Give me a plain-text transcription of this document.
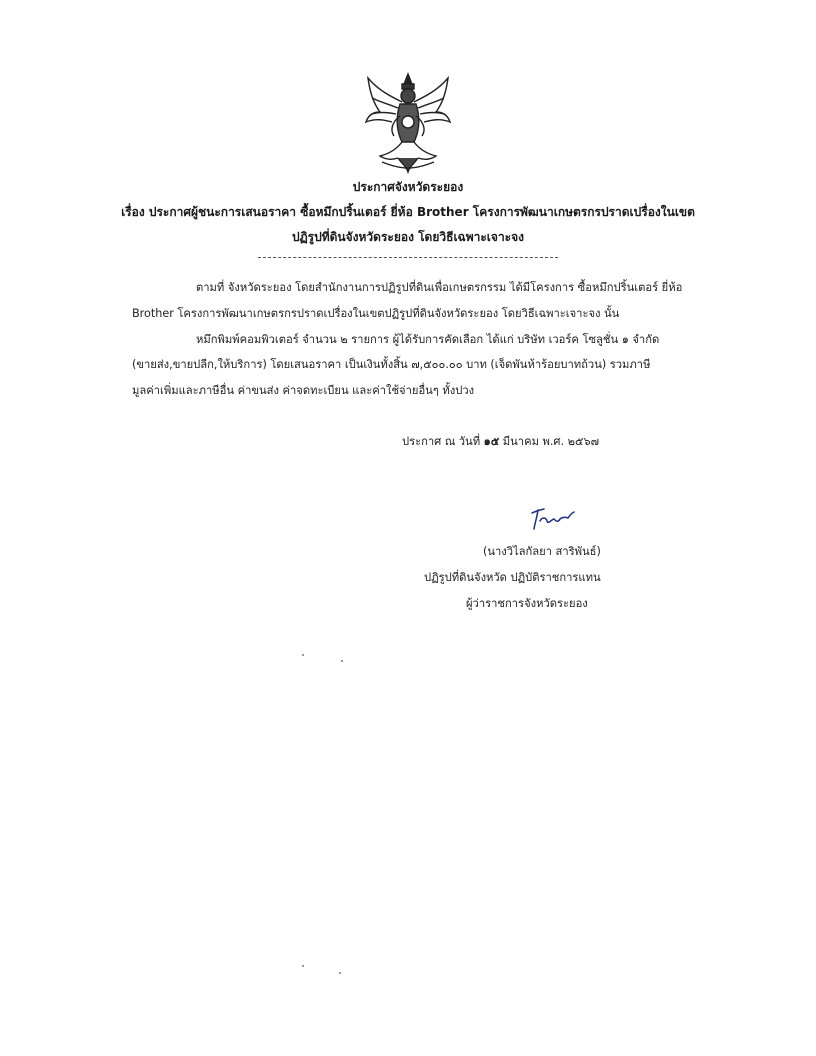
ประกาศจังหวัดระยอง
เรื่อง ประกาศผู้ชนะการเสนอราคา ซื้อหมึกปริ้นเตอร์ ยี่ห้อ Brother โครงการพัฒนาเกษตรกรปราดเปรื่องในเขต
ปฏิรูปที่ดินจังหวัดระยอง โดยวิธีเฉพาะเจาะจง
ตามที่ จังหวัดระยอง โดยสำนักงานการปฏิรูปที่ดินเพื่อเกษตรกรรม ได้มีโครงการ ซื้อหมึกปริ้นเตอร์ ยี่ห้อ
Brother โครงการพัฒนาเกษตรกรปราดเปรื่องในเขตปฏิรูปที่ดินจังหวัดระยอง โดยวิธีเฉพาะเจาะจง นั้น
หมึกพิมพ์คอมพิวเตอร์ จำนวน ๒ รายการ ผู้ได้รับการคัดเลือก ได้แก่ บริษัท เวอร์ค โซลูชั่น ๑ จำกัด
(ขายส่ง,ขายปลีก,ให้บริการ) โดยเสนอราคา เป็นเงินทั้งสิ้น ๗,๕๐๐.๐๐ บาท (เจ็ดพันห้าร้อยบาทถ้วน) รวมภาษี
มูลค่าเพิ่มและภาษีอื่น ค่าขนส่ง ค่าจดทะเบียน และค่าใช้จ่ายอื่นๆ ทั้งปวง
ประกาศ ณ วันที่ ๑๕ มีนาคม พ.ศ. ๒๕๖๗
(นางวิไลกัลยา สาริพันธ์)
ปฏิรูปที่ดินจังหวัด ปฏิบัติราชการแทน
ผู้ว่าราชการจังหวัดระยอง
